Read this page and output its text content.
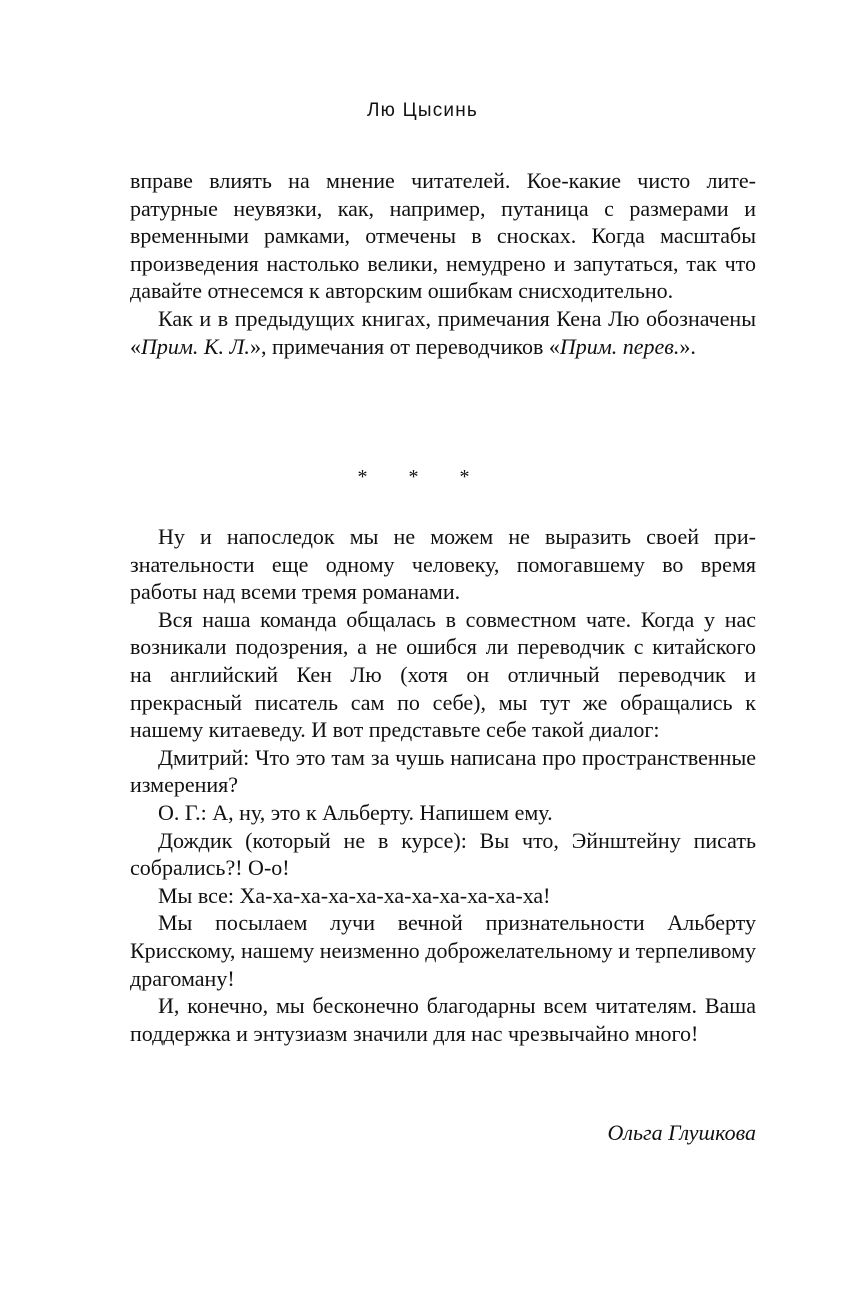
Лю Цысинь

вправе влиять на мнение читателей. Кое-какие чисто литературные неувязки, как, например, путаница с размерами и временными рамками, отмечены в сносках. Когда масштабы произведения настолько велики, немудрено и запутаться, так что давайте отнесемся к авторским ошибкам снисходительно.

Как и в предыдущих книгах, примечания Кена Лю обозначены «Прим. К. Л.», примечания от переводчиков «Прим. перев.».

* * *

Ну и напоследок мы не можем не выразить своей признательности еще одному человеку, помогавшему во время работы над всеми тремя романами.

Вся наша команда общалась в совместном чате. Когда у нас возникали подозрения, а не ошибся ли переводчик с китайского на английский Кен Лю (хотя он отличный переводчик и прекрасный писатель сам по себе), мы тут же обращались к нашему китаеведу. И вот представьте себе такой диалог:

Дмитрий: Что это там за чушь написана про пространственные измерения?

О. Г.: А, ну, это к Альберту. Напишем ему.

Дождик (который не в курсе): Вы что, Эйнштейну писать собрались?! О-о!

Мы все: Ха-ха-ха-ха-ха-ха-ха-ха-ха-ха-ха!

Мы посылаем лучи вечной признательности Альберту Крисскому, нашему неизменно доброжелательному и терпеливому драгоману!

И, конечно, мы бесконечно благодарны всем читателям. Ваша поддержка и энтузиазм значили для нас чрезвычайно много!

Ольга Глушкова
